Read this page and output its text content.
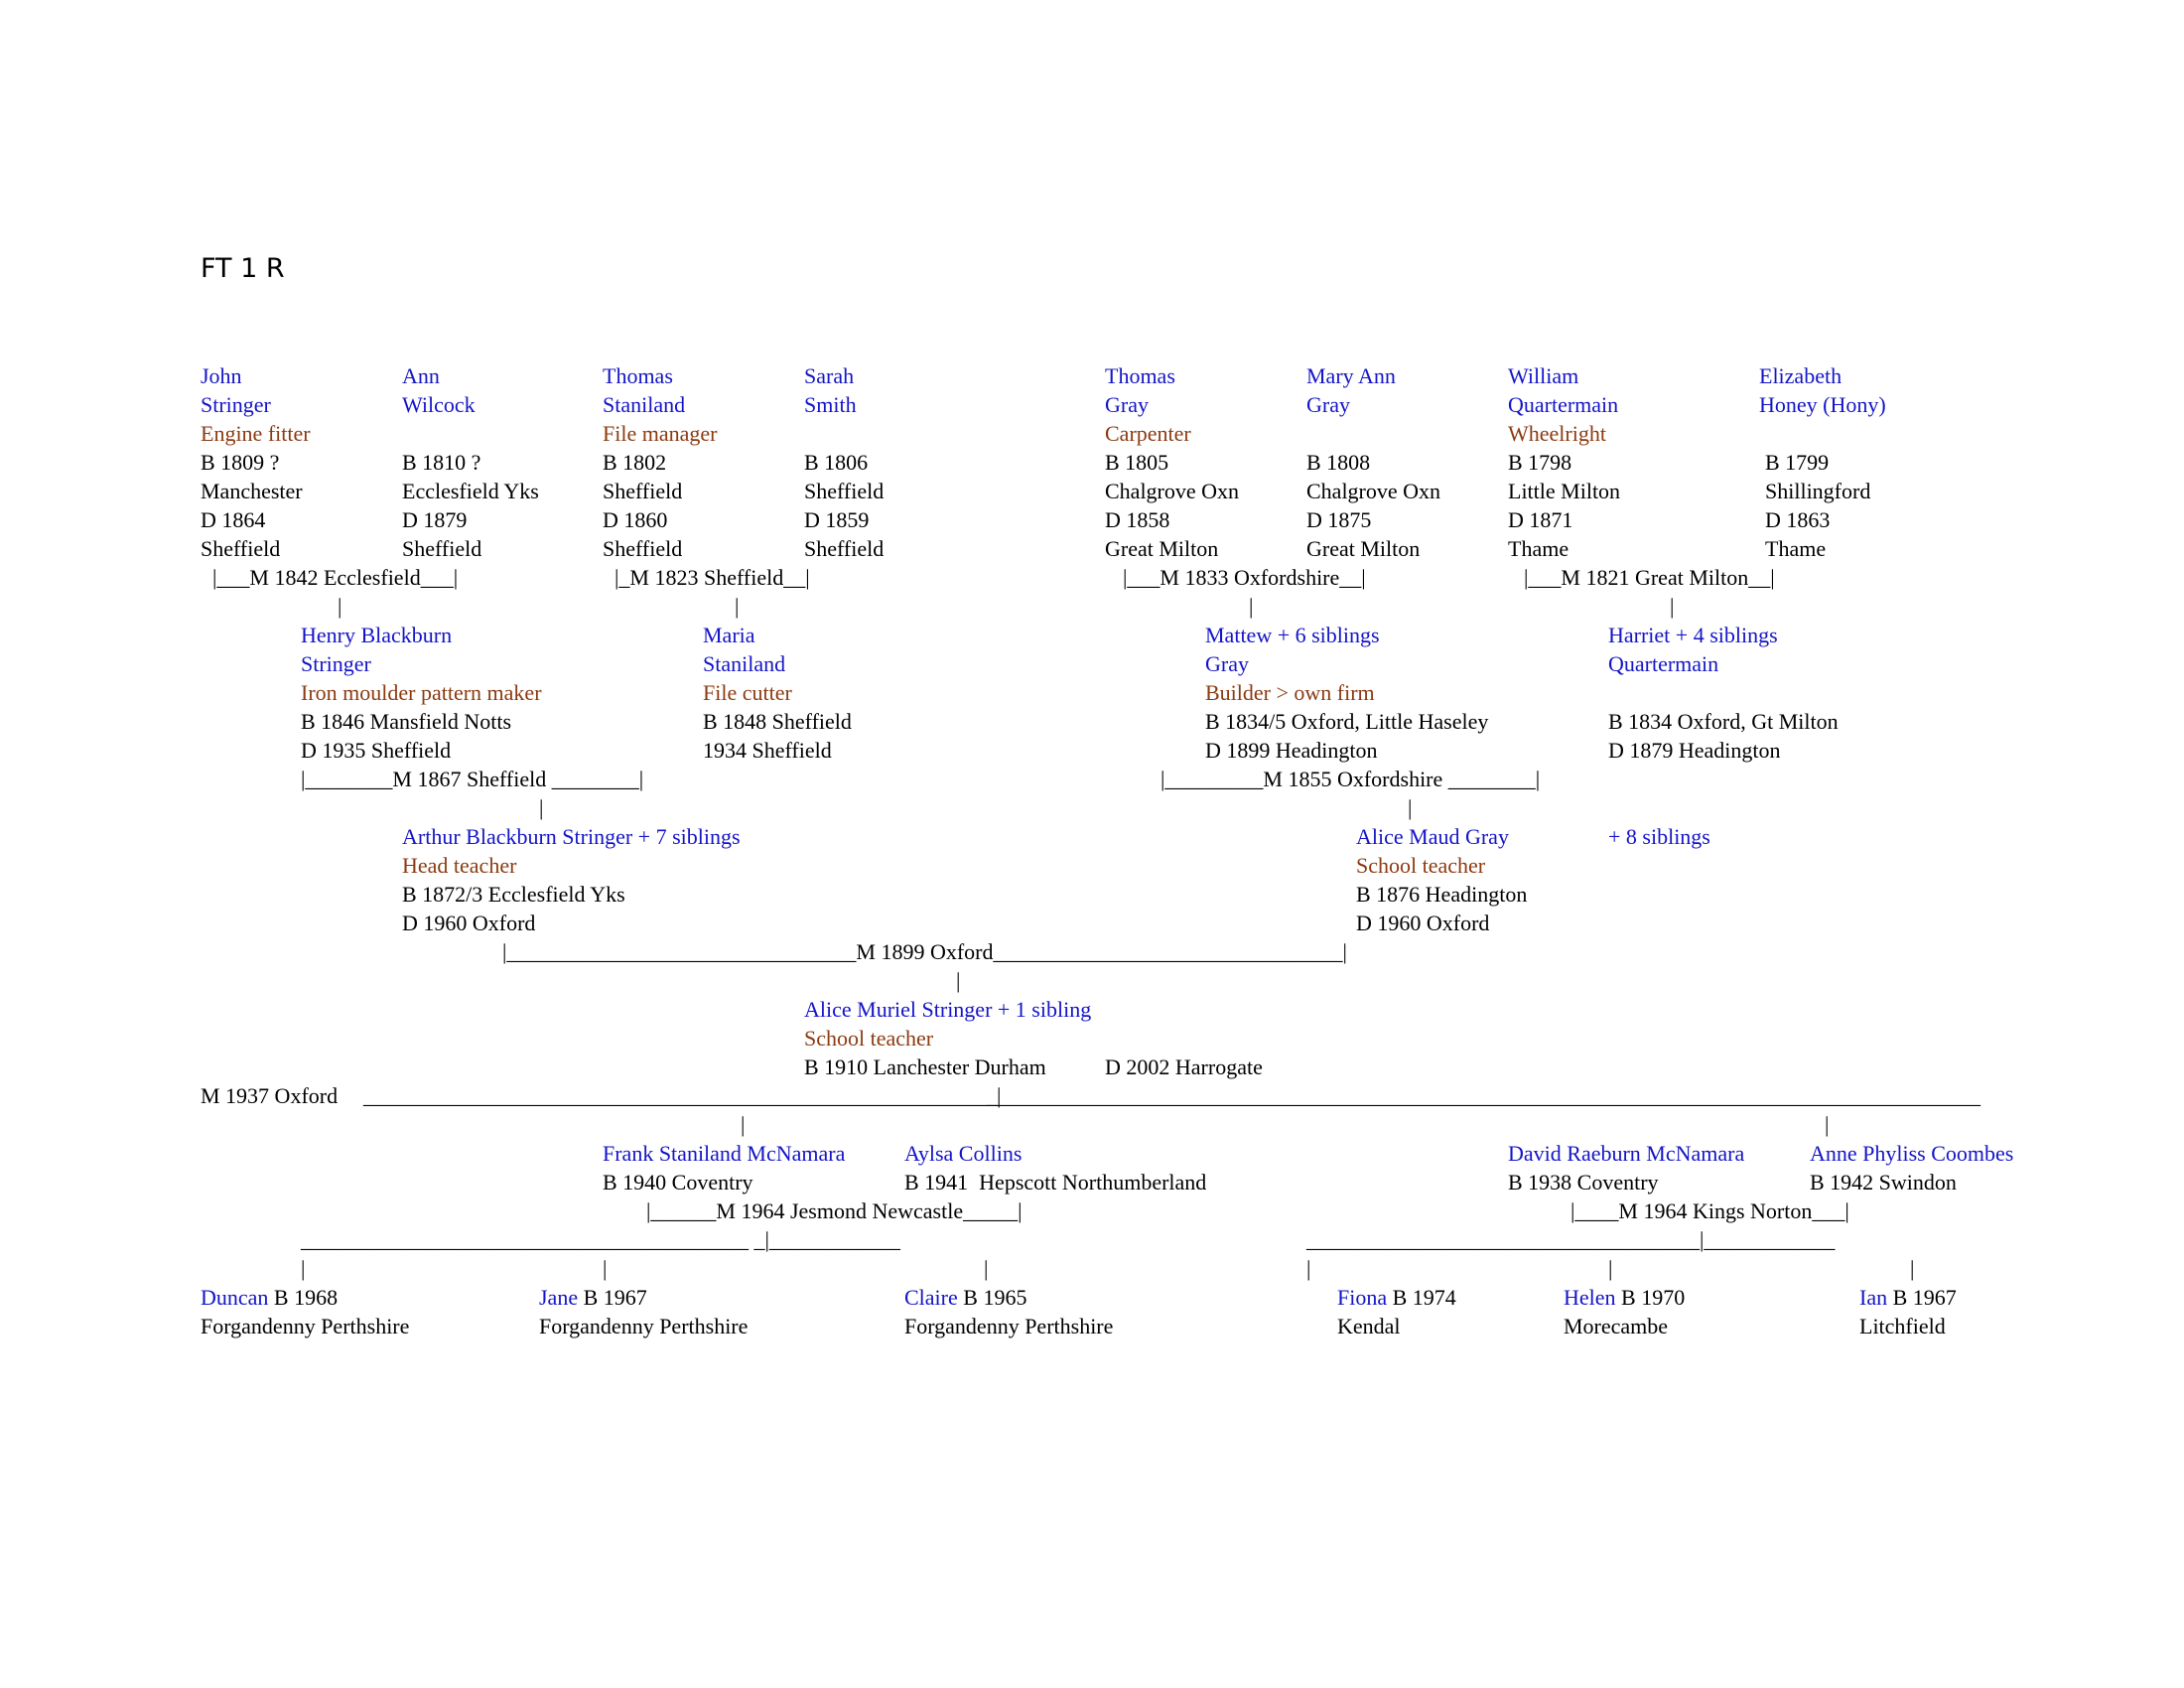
FT 1 R
John
Stringer
Engine fitter
B 1809 ?
Manchester
D 1864
Sheffield
Ann
Wilcock

B 1810 ?
Ecclesfield Yks
D 1879
Sheffield
Thomas
Staniland
File manager
B 1802
Sheffield
D 1860
Sheffield
Sarah
Smith

B 1806
Sheffield
D 1859
Sheffield
Thomas
Gray
Carpenter
B 1805
Chalgrove Oxn
D 1858
Great Milton
Mary Ann
Gray

B 1808
Chalgrove Oxn
D 1875
Great Milton
William
Quartermain
Wheelright
B 1798
Little Milton
D 1871
Thame
Elizabeth
Honey (Hony)
B 1799
Shillingford
D 1863
Thame
|___M 1842 Ecclesfield___|	|_M 1823 Sheffield__|	|___M 1833 Oxfordshire__|	|___M 1821 Great Milton__|
|	|	|	|
Henry Blackburn
Stringer
Iron moulder pattern maker
B 1846 Mansfield Notts
D 1935 Sheffield
Maria
Staniland
File cutter
B 1848 Sheffield
1934 Sheffield
Mattew + 6 siblings
Gray
Builder > own firm
B 1834/5 Oxford, Little Haseley
D 1899 Headington
Harriet + 4 siblings
Quartermain
B 1834 Oxford, Gt Milton
D 1879 Headington
|________M 1867 Sheffield ________|	|_________M 1855 Oxfordshire ________|
|	|
Arthur Blackburn Stringer + 7 siblings
Head teacher
B 1872/3 Ecclesfield Yks
D 1960 Oxford
Alice Maud Gray
School teacher
B 1876 Headington
D 1960 Oxford
+ 8 siblings
|________________________________M 1899 Oxford________________________________|
|
Alice Muriel Stringer + 1 sibling
School teacher
B 1910 Lanchester Durham	D 2002 Harrogate
M 1937 Oxford __________________________________________________________|
___________________________________________________________________________________________
|	|
Frank Staniland McNamara
B 1940 Coventry
Aylsa Collins
B 1941  Hepscott Northumberland
David Raeburn McNamara
B 1938 Coventry
Anne Phyliss Coombes
B 1942 Swindon
|______M 1964 Jesmond Newcastle_____|	|____M 1964 Kings Norton___|
_________________________________________ _|____________	____________________________________|____________
|	|	|	|	|	|
Duncan B 1968
Forgandenny Perthshire
Jane B 1967
Forgandenny Perthshire
Claire B 1965
Forgandenny Perthshire
Fiona B 1974
Kendal
Helen B 1970
Morecambe
Ian B 1967
Litchfield
